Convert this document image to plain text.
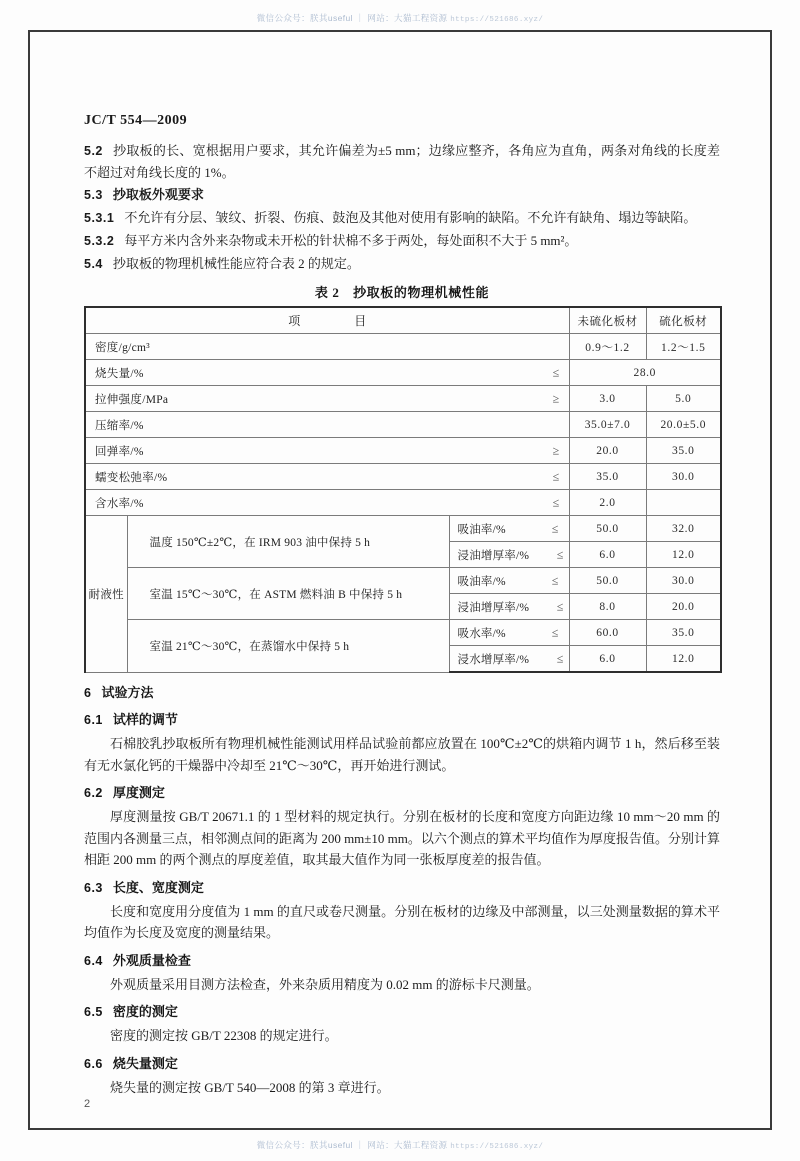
微信公众号：朕其useful ｜ 网站：大猫工程资源 https://521686.xyz/
JC/T 554—2009

5.2 抄取板的长、宽根据用户要求，其允许偏差为±5 mm；边缘应整齐，各角应为直角，两条对角线的长度差不超过对角线长度的 1%。

5.3 抄取板外观要求

5.3.1 不允许有分层、皱纹、折裂、伤痕、鼓泡及其他对使用有影响的缺陷。不允许有缺角、塌边等缺陷。

5.3.2 每平方米内含外来杂物或未开松的针状棉不多于两处，每处面积不大于 5 mm²。

5.4 抄取板的物理机械性能应符合表 2 的规定。

表 2　抄取板的物理机械性能
项　　目			未硫化板材	硫化板材
密度/g/cm³			0.9～1.2	1.2～1.5
烧失量/% ≤			28.0	
拉伸强度/MPa ≥			3.0	5.0
压缩率/%			35.0±7.0	20.0±5.0
回弹率/% ≥			20.0	35.0
蠕变松弛率/% ≤			35.0	30.0
含水率/% ≤			2.0	
耐液性	温度 150℃±2℃，在 IRM 903 油中保持 5 h	吸油率/% ≤	50.0	32.0
		浸油增厚率/% ≤	6.0	12.0
	室温 15℃～30℃，在 ASTM 燃料油 B 中保持 5 h	吸油率/% ≤	50.0	30.0
		浸油增厚率/% ≤	8.0	20.0
	室温 21℃～30℃，在蒸馏水中保持 5 h	吸水率/% ≤	60.0	35.0
		浸水增厚率/% ≤	6.0	12.0
6 试验方法
6.1 试样的调节

石棉胶乳抄取板所有物理机械性能测试用样品试验前都应放置在 100℃±2℃的烘箱内调节 1 h，然后移至装有无水氯化钙的干燥器中冷却至 21℃～30℃，再开始进行测试。

6.2 厚度测定

厚度测量按 GB/T 20671.1 的 1 型材料的规定执行。分别在板材的长度和宽度方向距边缘 10 mm～20 mm 的范围内各测量三点，相邻测点间的距离为 200 mm±10 mm。以六个测点的算术平均值作为厚度报告值。分别计算相距 200 mm 的两个测点的厚度差值，取其最大值作为同一张板厚度差的报告值。

6.3 长度、宽度测定

长度和宽度用分度值为 1 mm 的直尺或卷尺测量。分别在板材的边缘及中部测量，以三处测量数据的算术平均值作为长度及宽度的测量结果。

6.4 外观质量检查

外观质量采用目测方法检查，外来杂质用精度为 0.02 mm 的游标卡尺测量。

6.5 密度的测定

密度的测定按 GB/T 22308 的规定进行。

6.6 烧失量测定

烧失量的测定按 GB/T 540—2008 的第 3 章进行。

2
微信公众号：朕其useful ｜ 网站：大猫工程资源 https://521686.xyz/
